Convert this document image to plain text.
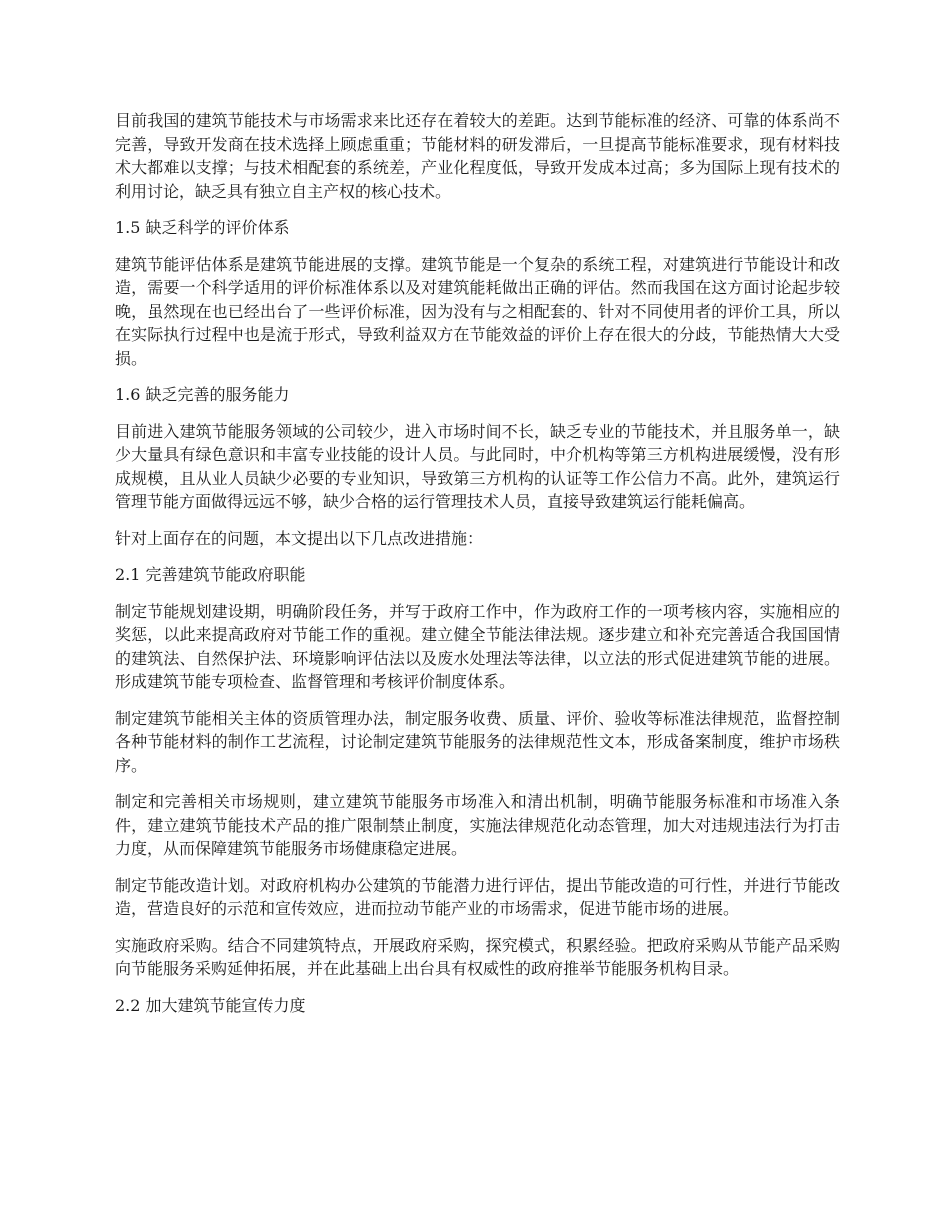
目前我国的建筑节能技术与市场需求来比还存在着较大的差距。达到节能标准的经济、可靠的体系尚不完善，导致开发商在技术选择上顾虑重重；节能材料的研发滞后，一旦提高节能标准要求，现有材料技术大都难以支撑；与技术相配套的系统差，产业化程度低，导致开发成本过高；多为国际上现有技术的利用讨论，缺乏具有独立自主产权的核心技术。

1.5 缺乏科学的评价体系

建筑节能评估体系是建筑节能进展的支撑。建筑节能是一个复杂的系统工程，对建筑进行节能设计和改造，需要一个科学适用的评价标准体系以及对建筑能耗做出正确的评估。然而我国在这方面讨论起步较晚，虽然现在也已经出台了一些评价标准，因为没有与之相配套的、针对不同使用者的评价工具，所以在实际执行过程中也是流于形式，导致利益双方在节能效益的评价上存在很大的分歧，节能热情大大受损。

1.6 缺乏完善的服务能力

目前进入建筑节能服务领域的公司较少，进入市场时间不长，缺乏专业的节能技术，并且服务单一，缺少大量具有绿色意识和丰富专业技能的设计人员。与此同时，中介机构等第三方机构进展缓慢，没有形成规模，且从业人员缺少必要的专业知识，导致第三方机构的认证等工作公信力不高。此外，建筑运行管理节能方面做得远远不够，缺少合格的运行管理技术人员，直接导致建筑运行能耗偏高。

针对上面存在的问题，本文提出以下几点改进措施：

2.1 完善建筑节能政府职能

制定节能规划建设期，明确阶段任务，并写于政府工作中，作为政府工作的一项考核内容，实施相应的奖惩，以此来提高政府对节能工作的重视。建立健全节能法律法规。逐步建立和补充完善适合我国国情的建筑法、自然保护法、环境影响评估法以及废水处理法等法律，以立法的形式促进建筑节能的进展。形成建筑节能专项检查、监督管理和考核评价制度体系。

制定建筑节能相关主体的资质管理办法，制定服务收费、质量、评价、验收等标准法律规范，监督控制各种节能材料的制作工艺流程，讨论制定建筑节能服务的法律规范性文本，形成备案制度，维护市场秩序。

制定和完善相关市场规则，建立建筑节能服务市场准入和清出机制，明确节能服务标准和市场准入条件，建立建筑节能技术产品的推广限制禁止制度，实施法律规范化动态管理，加大对违规违法行为打击力度，从而保障建筑节能服务市场健康稳定进展。

制定节能改造计划。对政府机构办公建筑的节能潜力进行评估，提出节能改造的可行性，并进行节能改造，营造良好的示范和宣传效应，进而拉动节能产业的市场需求，促进节能市场的进展。

实施政府采购。结合不同建筑特点，开展政府采购，探究模式，积累经验。把政府采购从节能产品采购向节能服务采购延伸拓展，并在此基础上出台具有权威性的政府推举节能服务机构目录。

2.2 加大建筑节能宣传力度
